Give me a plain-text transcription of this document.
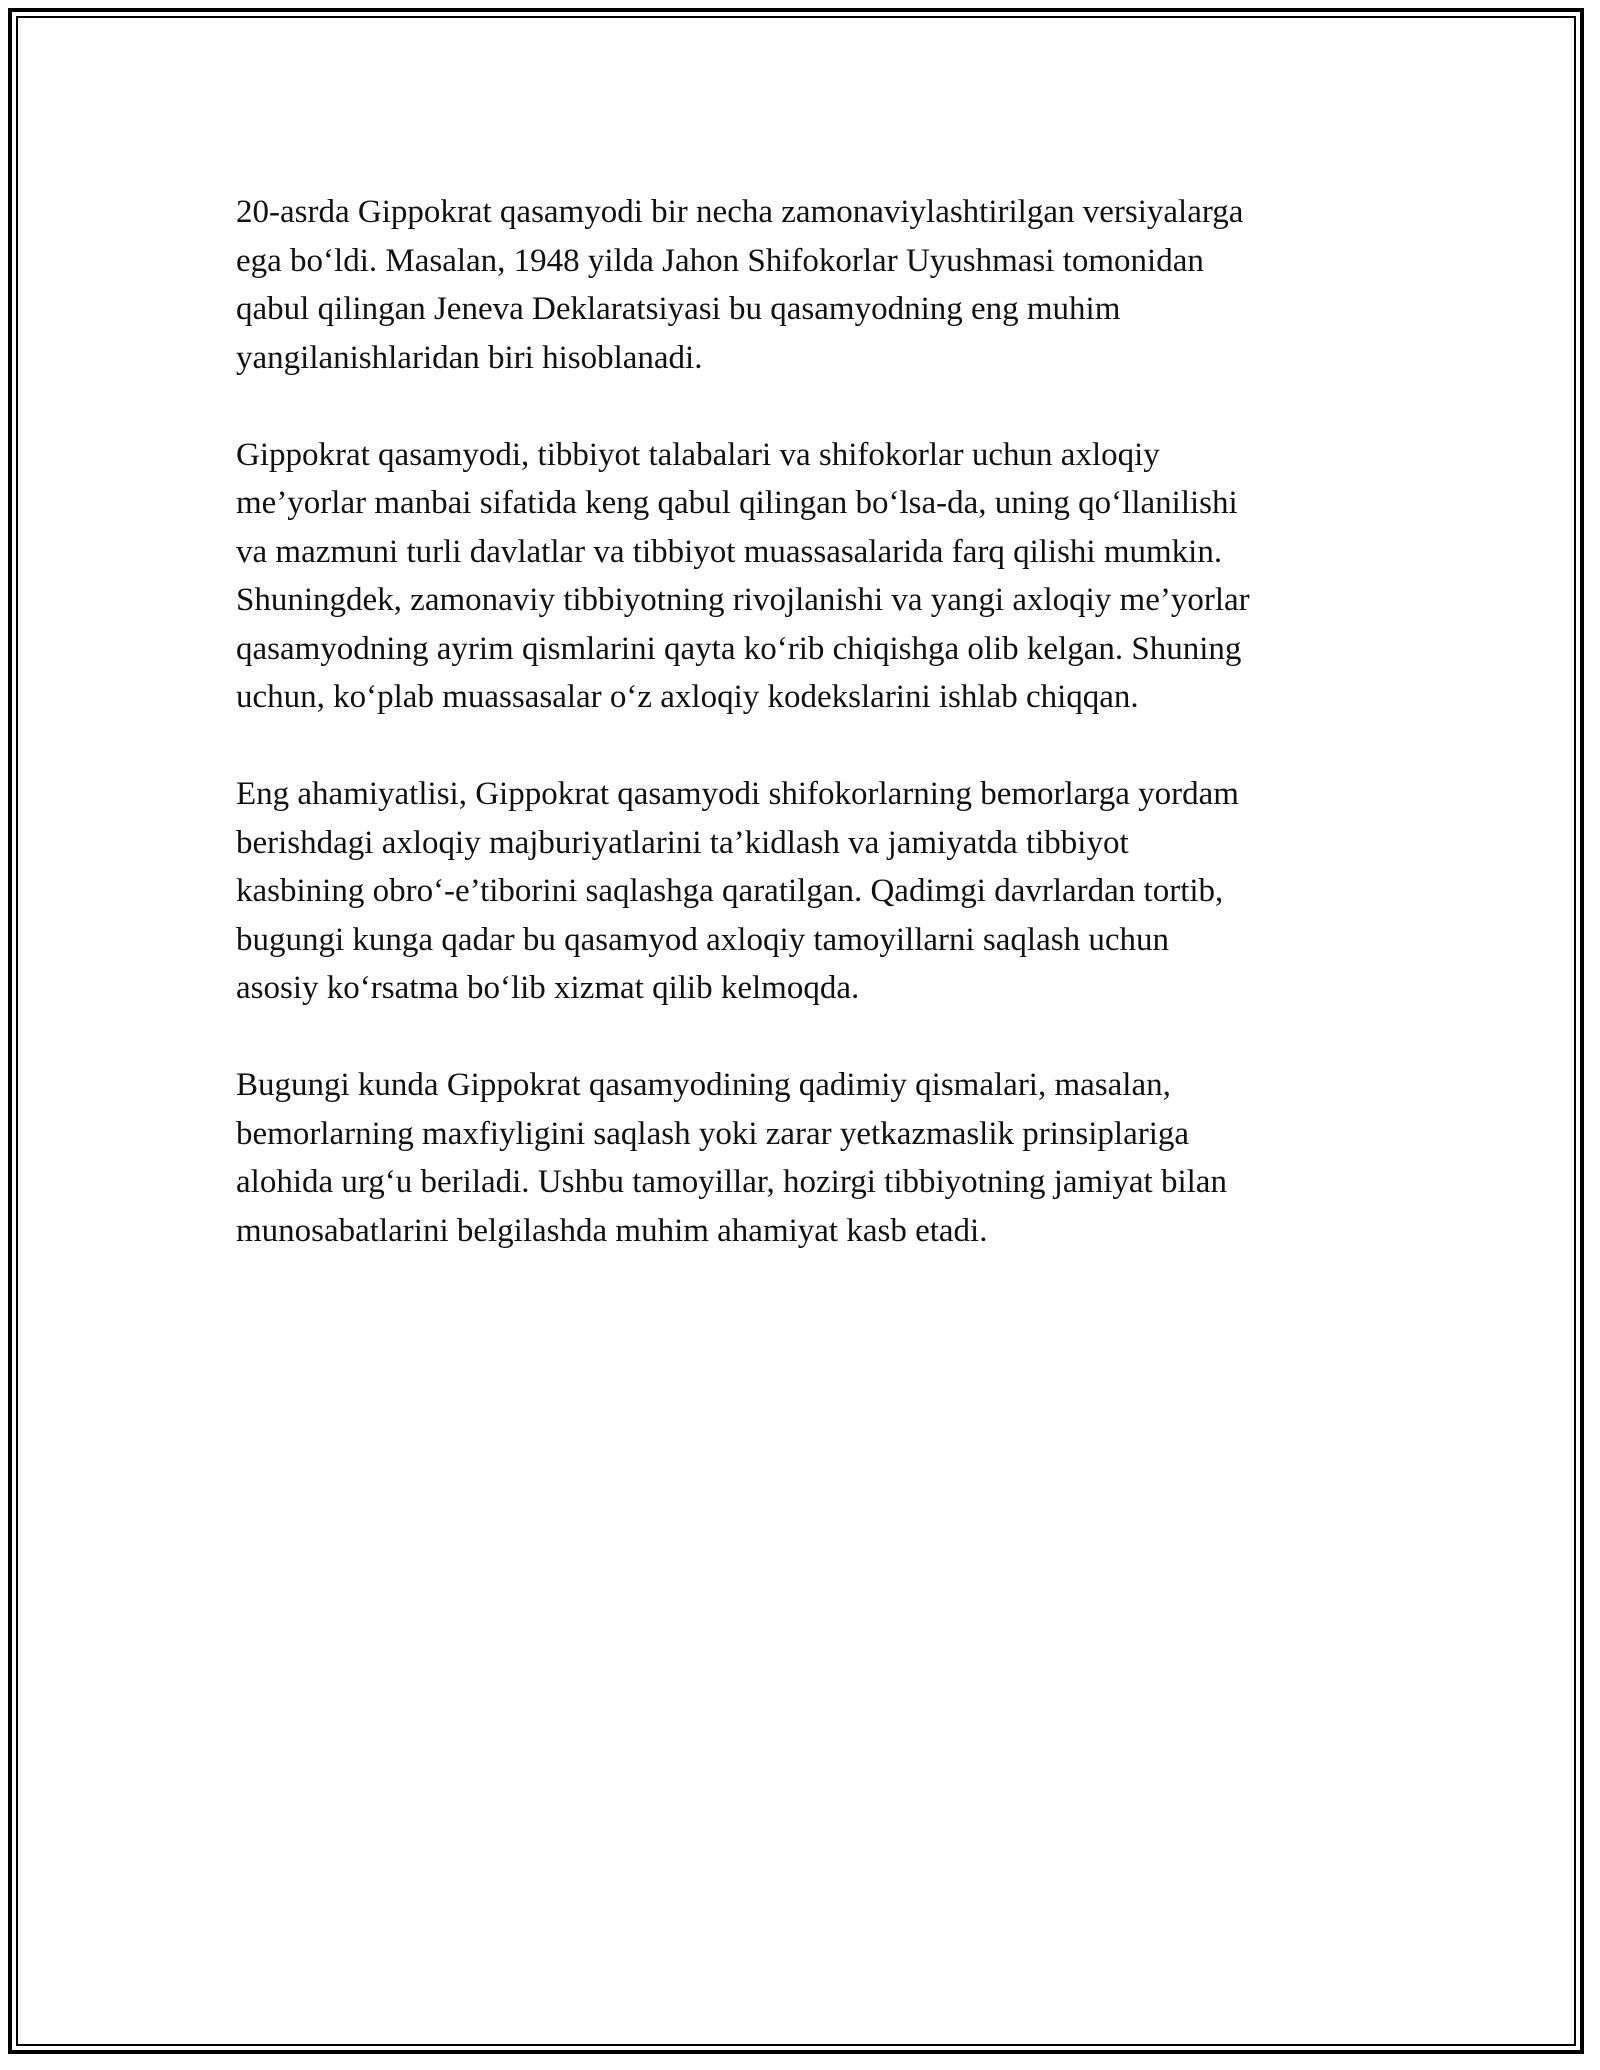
20-asrda Gippokrat qasamyodi bir necha zamonaviylashtirilgan versiyalarga
ega bo‘ldi. Masalan, 1948 yilda Jahon Shifokorlar Uyushmasi tomonidan
qabul qilingan Jeneva Deklaratsiyasi bu qasamyodning eng muhim
yangilanishlaridan biri hisoblanadi.

Gippokrat qasamyodi, tibbiyot talabalari va shifokorlar uchun axloqiy
me’yorlar manbai sifatida keng qabul qilingan bo‘lsa-da, uning qo‘llanilishi
va mazmuni turli davlatlar va tibbiyot muassasalarida farq qilishi mumkin.
Shuningdek, zamonaviy tibbiyotning rivojlanishi va yangi axloqiy me’yorlar
qasamyodning ayrim qismlarini qayta ko‘rib chiqishga olib kelgan. Shuning
uchun, ko‘plab muassasalar o‘z axloqiy kodekslarini ishlab chiqqan.

Eng ahamiyatlisi, Gippokrat qasamyodi shifokorlarning bemorlarga yordam
berishdagi axloqiy majburiyatlarini ta’kidlash va jamiyatda tibbiyot
kasbining obro‘-e’tiborini saqlashga qaratilgan. Qadimgi davrlardan tortib,
bugungi kunga qadar bu qasamyod axloqiy tamoyillarni saqlash uchun
asosiy ko‘rsatma bo‘lib xizmat qilib kelmoqda.

Bugungi kunda Gippokrat qasamyodining qadimiy qismalari, masalan,
bemorlarning maxfiyligini saqlash yoki zarar yetkazmaslik prinsiplariga
alohida urg‘u beriladi. Ushbu tamoyillar, hozirgi tibbiyotning jamiyat bilan
munosabatlarini belgilashda muhim ahamiyat kasb etadi.
